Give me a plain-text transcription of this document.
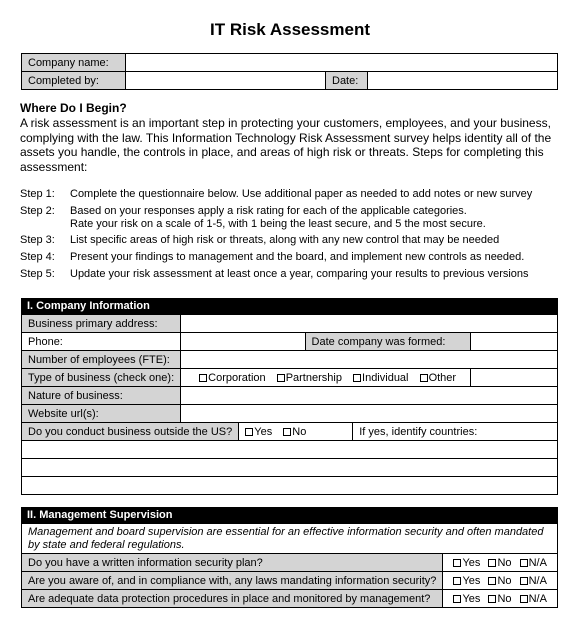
IT Risk Assessment
Company name:			
Completed by:		Date:	
Where Do I Begin?
A risk assessment is an important step in protecting your customers, employees, and your business, complying with the law. This Information Technology Risk Assessment survey helps identity all of the assets you handle, the controls in place, and areas of high risk or threats. Steps for completing this assessment:
Step 1:	Complete the questionnaire below. Use additional paper as needed to add notes or new survey
Step 2:	Based on your responses apply a risk rating for each of the applicable categories.
Rate your risk on a scale of 1-5, with 1 being the least secure, and 5 the most secure.
Step 3:	List specific areas of high risk or threats, along with any new control that may be needed
Step 4:	Present your findings to management and the board, and implement new controls as needed.
Step 5:	Update your risk assessment at least once a year, comparing your results to previous versions
I. Company Information
Business primary address:			
Phone:		Date company was formed:	
Number of employees (FTE):			
Type of business (check one):	Corporation Partnership Individual Other		
Nature of business:			
Website url(s):			
Do you conduct business outside the US?	Yes No	If yes, identify countries:	

II. Management Supervision
Management and board supervision are essential for an effective information security and often mandated by state and federal regulations.	
Do you have a written information security plan?	Yes No N/A
Are you aware of, and in compliance with, any laws mandating information security?	Yes No N/A
Are adequate data protection procedures in place and monitored by management?	Yes No N/A
